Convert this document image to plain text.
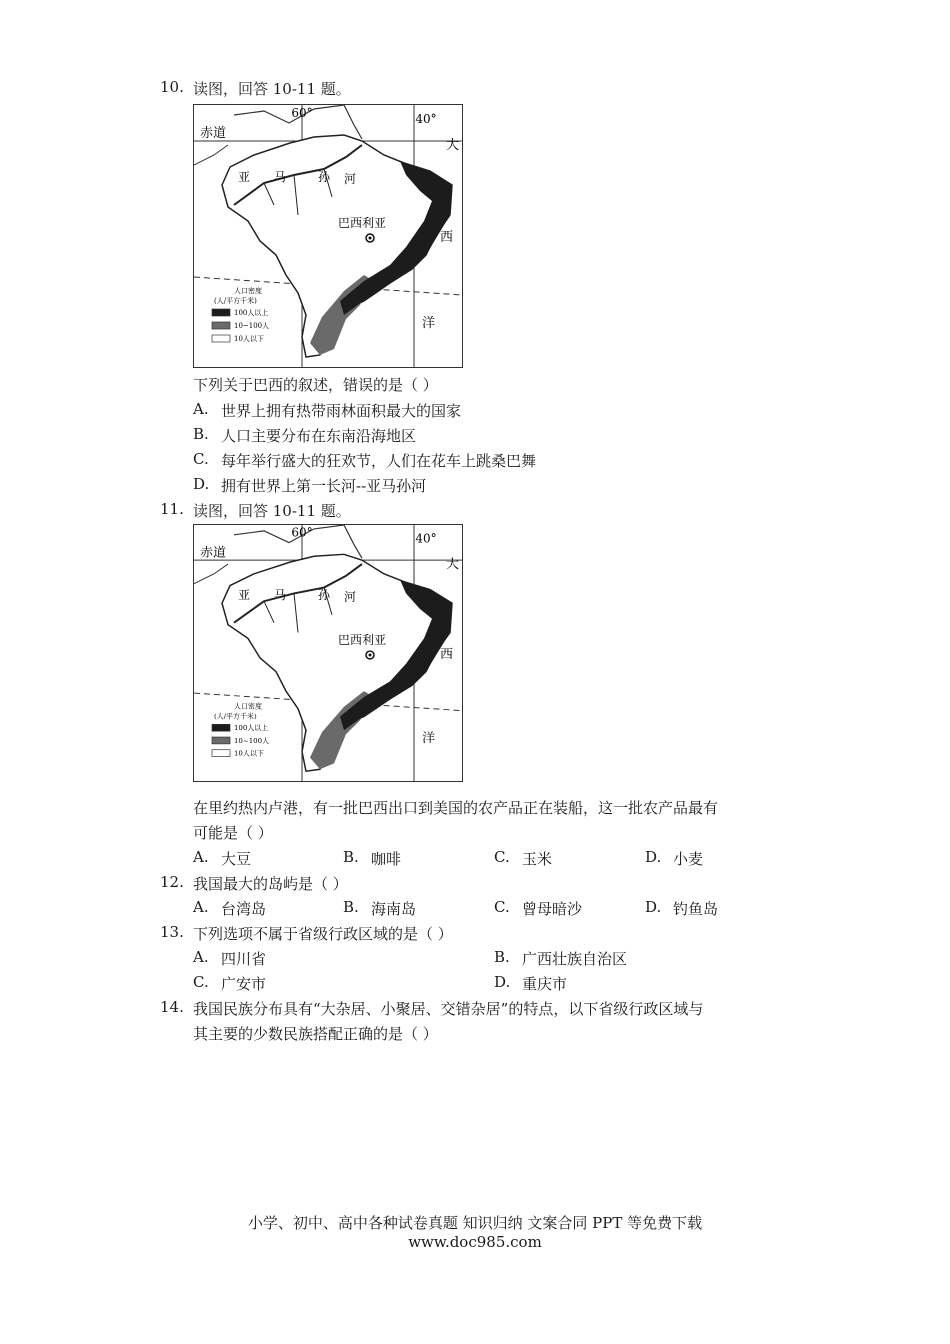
10. 读图，回答 10-11 题。
60°	40°
赤道
亚 马	孙 河
巴西利亚
大
西
洋
人口密度
(人/平方千米)
100人以上
10~100人
10人以下
下列关于巴西的叙述，错误的是（ ）
A. 世界上拥有热带雨林面积最大的国家
B. 人口主要分布在东南沿海地区
C. 每年举行盛大的狂欢节，人们在花车上跳桑巴舞
D. 拥有世界上第一长河--亚马孙河
11. 读图，回答 10-11 题。
60°	40°
赤道
亚 马	孙 河
巴西利亚
大
西
洋
人口密度
(人/平方千米)
100人以上
10~100人
10人以下
在里约热内卢港，有一批巴西出口到美国的农产品正在装船，这一批农产品最有
可能是（ ）
A. 大豆	B. 咖啡	C. 玉米	D. 小麦
12. 我国最大的岛屿是（ ）
A. 台湾岛	B. 海南岛	C. 曾母暗沙	D. 钓鱼岛
13. 下列选项不属于省级行政区域的是（ ）
A. 四川省	B. 广西壮族自治区
C. 广安市	D. 重庆市
14. 我国民族分布具有“大杂居、小聚居、交错杂居”的特点，以下省级行政区域与
其主要的少数民族搭配正确的是（ ）
小学、初中、高中各种试卷真题 知识归纳 文案合同 PPT 等免费下载
www.doc985.com
